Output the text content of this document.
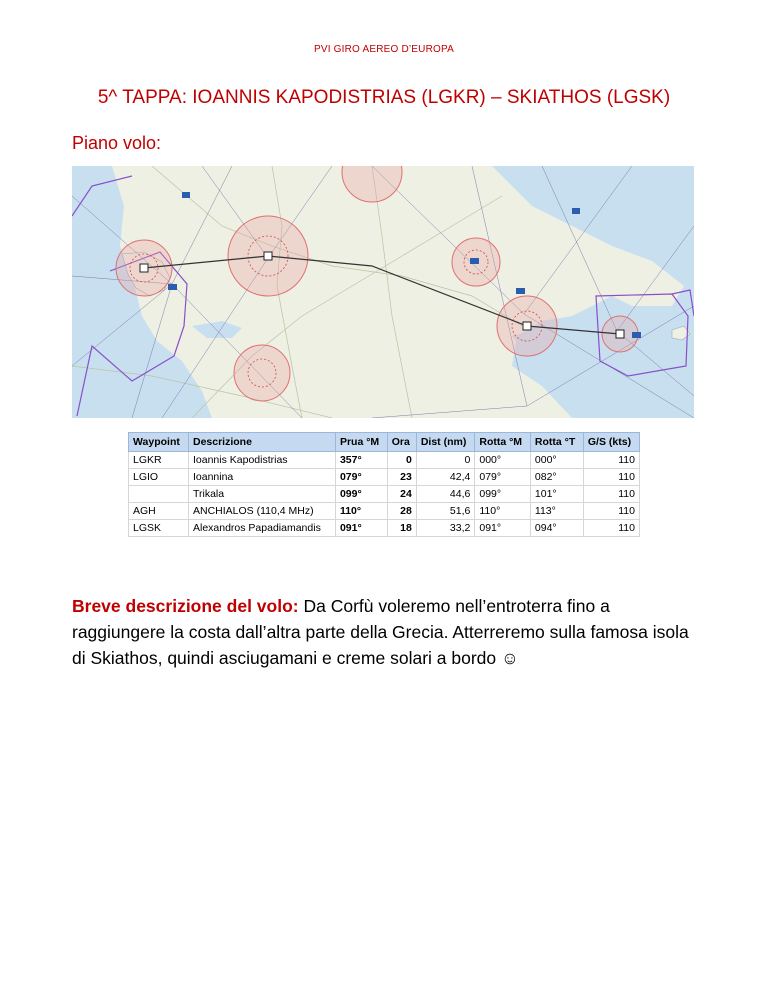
PVI GIRO AEREO D’EUROPA
5^ TAPPA: IOANNIS KAPODISTRIAS (LGKR) – SKIATHOS (LGSK)
Piano volo:
Waypoint	Descrizione	Prua °M	Ora	Dist (nm)	Rotta °M	Rotta °T	G/S (kts)
LGKR	Ioannis Kapodistrias	357°	0	0	000°	000°	110
LGIO	Ioannina	079°	23	42,4	079°	082°	110
	Trikala	099°	24	44,6	099°	101°	110
AGH	ANCHIALOS (110,4 MHz)	110°	28	51,6	110°	113°	110
LGSK	Alexandros Papadiamandis	091°	18	33,2	091°	094°	110
Breve descrizione del volo: Da Corfù voleremo nell’entroterra fino a raggiungere la costa dall’altra parte della Grecia. Atterreremo sulla famosa isola di Skiathos, quindi asciugamani e creme solari a bordo ☺
